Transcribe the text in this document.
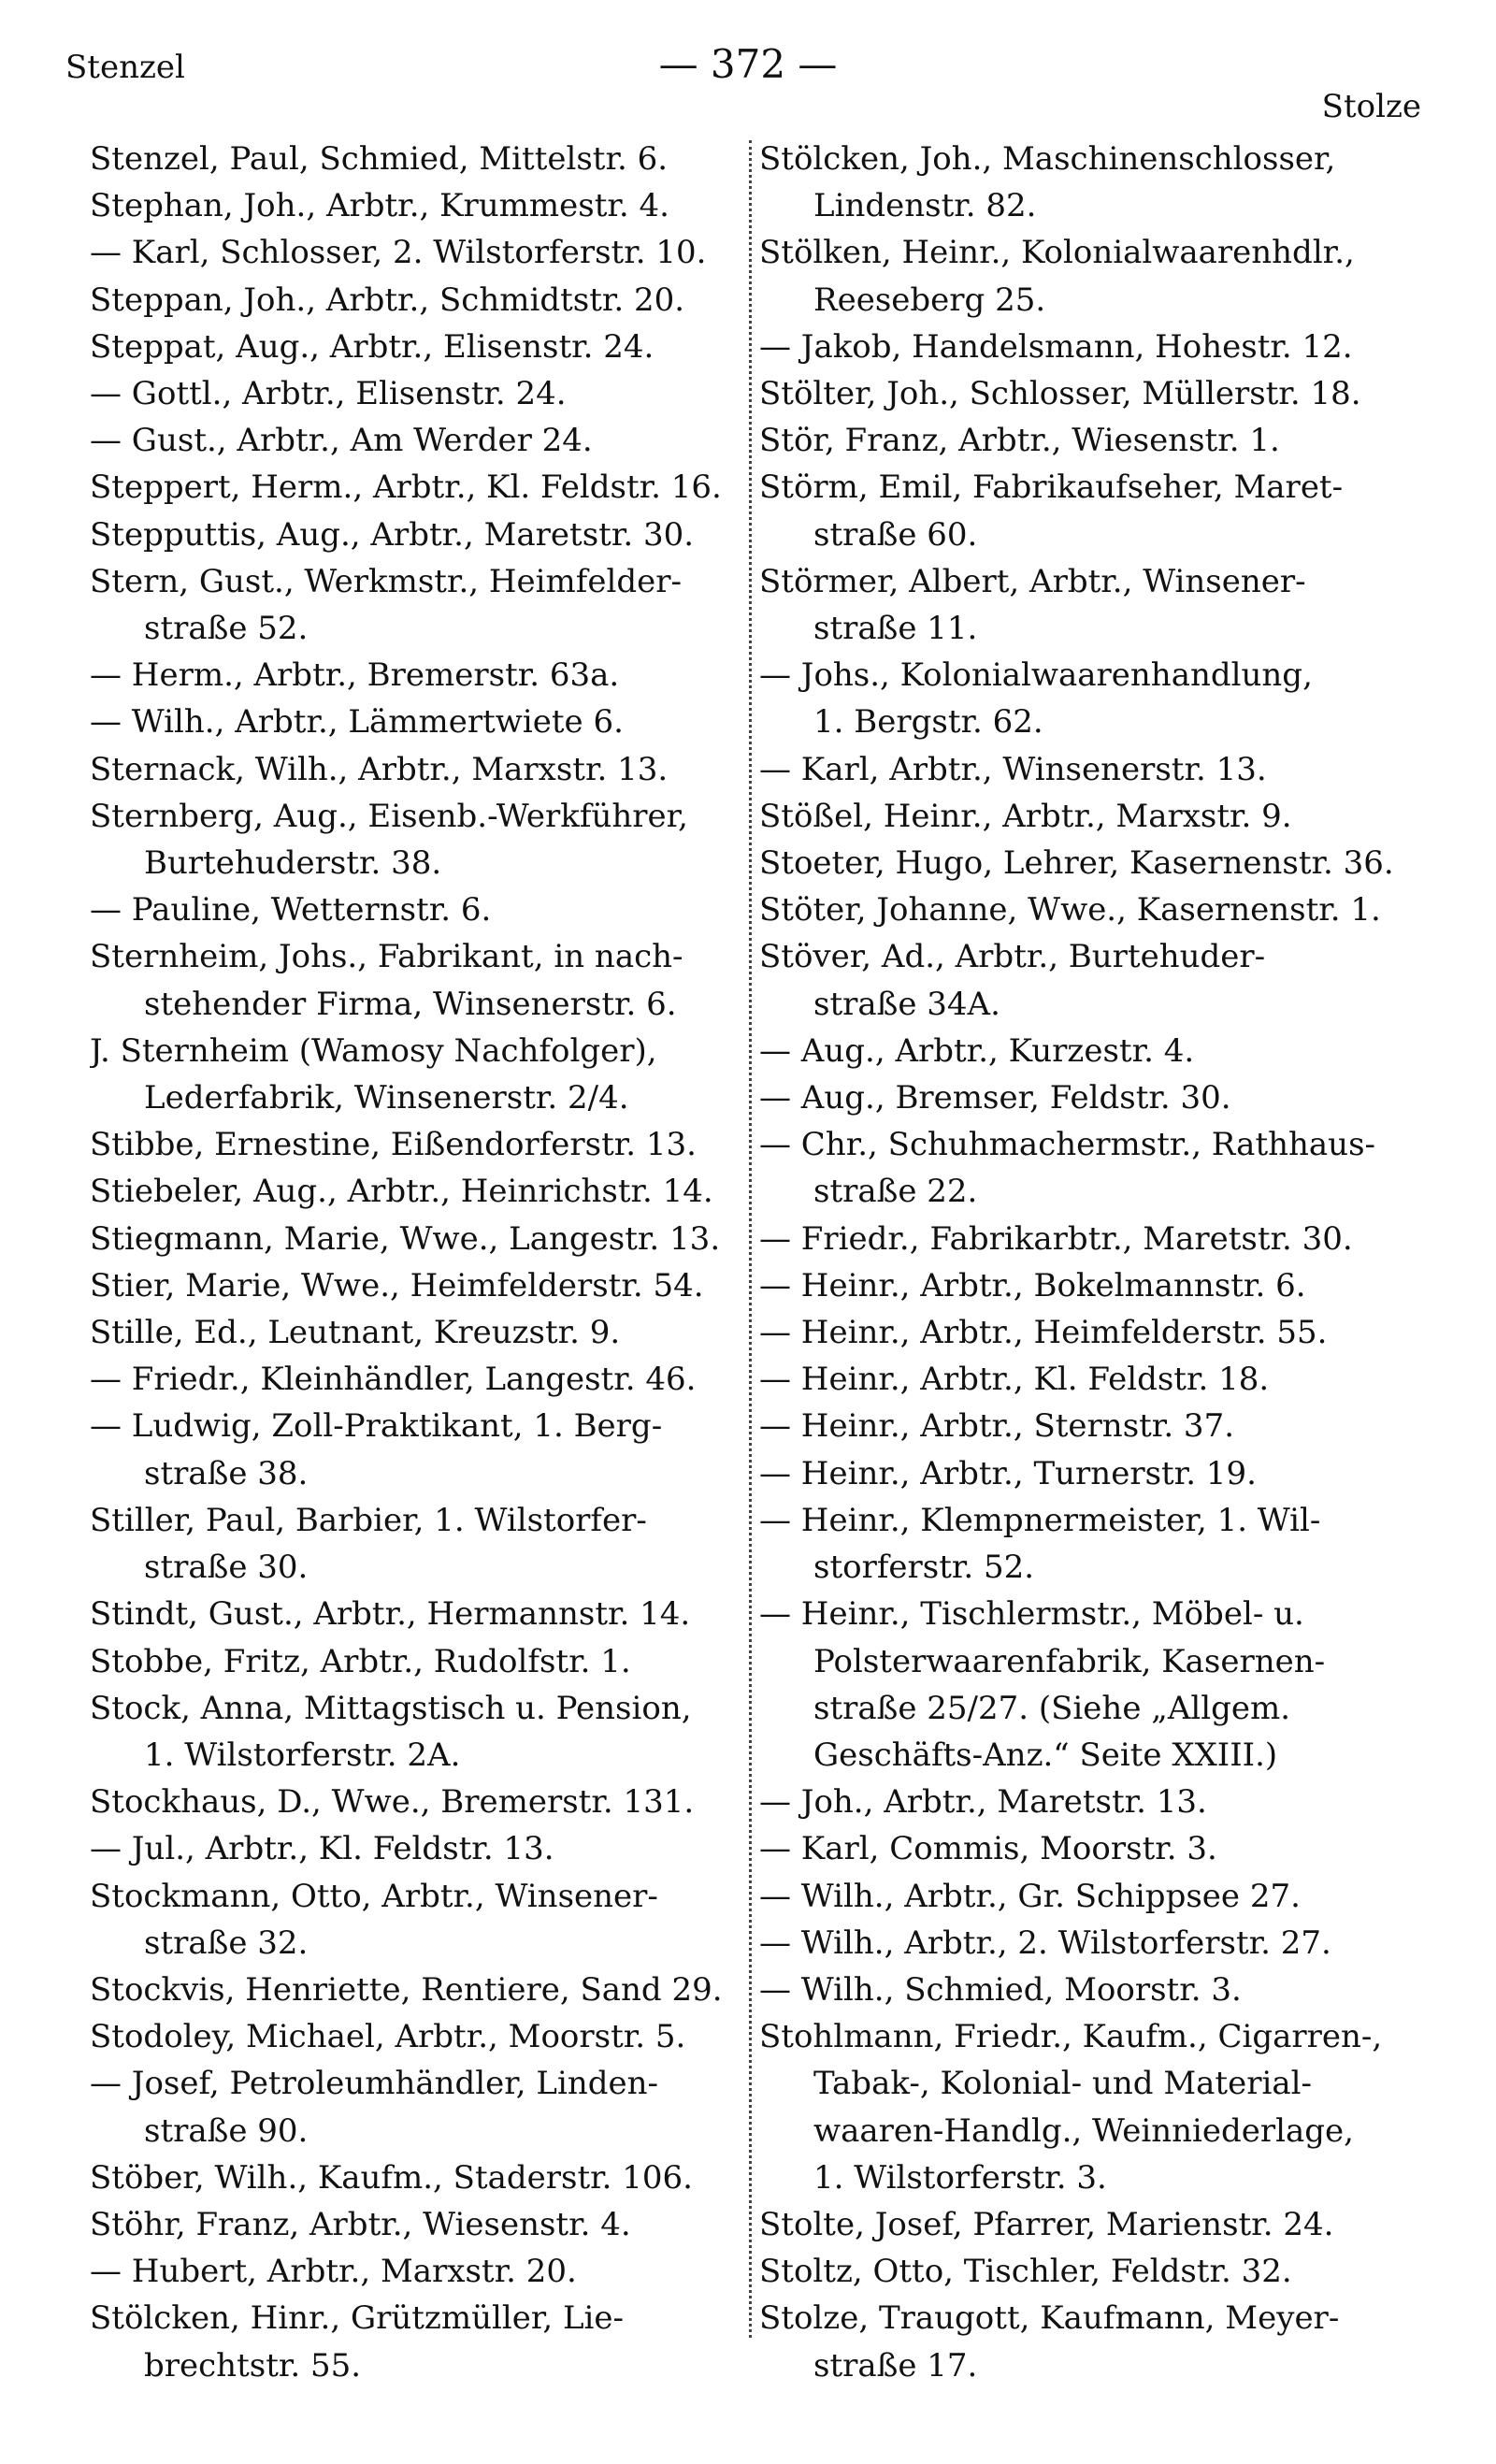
Stenzel	— 372 —
Stolze
Stenzel, Paul, Schmied, Mittelstr. 6.
Stephan, Joh., Arbtr., Krummestr. 4.
— Karl, Schlosser, 2. Wilstorferstr. 10.
Steppan, Joh., Arbtr., Schmidtstr. 20.
Steppat, Aug., Arbtr., Elisenstr. 24.
— Gottl., Arbtr., Elisenstr. 24.
— Gust., Arbtr., Am Werder 24.
Steppert, Herm., Arbtr., Kl. Feldstr. 16.
Stepputtis, Aug., Arbtr., Maretstr. 30.
Stern, Gust., Werkmstr., Heimfelder-
straße 52.
— Herm., Arbtr., Bremerstr. 63a.
— Wilh., Arbtr., Lämmertwiete 6.
Sternack, Wilh., Arbtr., Marxstr. 13.
Sternberg, Aug., Eisenb.-Werkführer,
Burtehuderstr. 38.
— Pauline, Wetternstr. 6.
Sternheim, Johs., Fabrikant, in nach-
stehender Firma, Winsenerstr. 6.
J. Sternheim (Wamosy Nachfolger),
Lederfabrik, Winsenerstr. 2/4.
Stibbe, Ernestine, Eißendorferstr. 13.
Stiebeler, Aug., Arbtr., Heinrichstr. 14.
Stiegmann, Marie, Wwe., Langestr. 13.
Stier, Marie, Wwe., Heimfelderstr. 54.
Stille, Ed., Leutnant, Kreuzstr. 9.
— Friedr., Kleinhändler, Langestr. 46.
— Ludwig, Zoll-Praktikant, 1. Berg-
straße 38.
Stiller, Paul, Barbier, 1. Wilstorfer-
straße 30.
Stindt, Gust., Arbtr., Hermannstr. 14.
Stobbe, Fritz, Arbtr., Rudolfstr. 1.
Stock, Anna, Mittagstisch u. Pension,
1. Wilstorferstr. 2A.
Stockhaus, D., Wwe., Bremerstr. 131.
— Jul., Arbtr., Kl. Feldstr. 13.
Stockmann, Otto, Arbtr., Winsener-
straße 32.
Stockvis, Henriette, Rentiere, Sand 29.
Stodoley, Michael, Arbtr., Moorstr. 5.
— Josef, Petroleumhändler, Linden-
straße 90.
Stöber, Wilh., Kaufm., Staderstr. 106.
Stöhr, Franz, Arbtr., Wiesenstr. 4.
— Hubert, Arbtr., Marxstr. 20.
Stölcken, Hinr., Grützmüller, Lie-
brechtstr. 55.
Stölcken, Joh., Maschinenschlosser,
Lindenstr. 82.
Stölken, Heinr., Kolonialwaarenhdlr.,
Reeseberg 25.
— Jakob, Handelsmann, Hohestr. 12.
Stölter, Joh., Schlosser, Müllerstr. 18.
Stör, Franz, Arbtr., Wiesenstr. 1.
Störm, Emil, Fabrikaufseher, Maret-
straße 60.
Störmer, Albert, Arbtr., Winsener-
straße 11.
— Johs., Kolonialwaarenhandlung,
1. Bergstr. 62.
— Karl, Arbtr., Winsenerstr. 13.
Stößel, Heinr., Arbtr., Marxstr. 9.
Stoeter, Hugo, Lehrer, Kasernenstr. 36.
Stöter, Johanne, Wwe., Kasernenstr. 1.
Stöver, Ad., Arbtr., Burtehuder-
straße 34A.
— Aug., Arbtr., Kurzestr. 4.
— Aug., Bremser, Feldstr. 30.
— Chr., Schuhmachermstr., Rathhaus-
straße 22.
— Friedr., Fabrikarbtr., Maretstr. 30.
— Heinr., Arbtr., Bokelmannstr. 6.
— Heinr., Arbtr., Heimfelderstr. 55.
— Heinr., Arbtr., Kl. Feldstr. 18.
— Heinr., Arbtr., Sternstr. 37.
— Heinr., Arbtr., Turnerstr. 19.
— Heinr., Klempnermeister, 1. Wil-
storferstr. 52.
— Heinr., Tischlermstr., Möbel- u.
Polsterwaarenfabrik, Kasernen-
straße 25/27. (Siehe „Allgem.
Geschäfts-Anz.“ Seite XXIII.)
— Joh., Arbtr., Maretstr. 13.
— Karl, Commis, Moorstr. 3.
— Wilh., Arbtr., Gr. Schippsee 27.
— Wilh., Arbtr., 2. Wilstorferstr. 27.
— Wilh., Schmied, Moorstr. 3.
Stohlmann, Friedr., Kaufm., Cigarren-,
Tabak-, Kolonial- und Material-
waaren-Handlg., Weinniederlage,
1. Wilstorferstr. 3.
Stolte, Josef, Pfarrer, Marienstr. 24.
Stoltz, Otto, Tischler, Feldstr. 32.
Stolze, Traugott, Kaufmann, Meyer-
straße 17.
